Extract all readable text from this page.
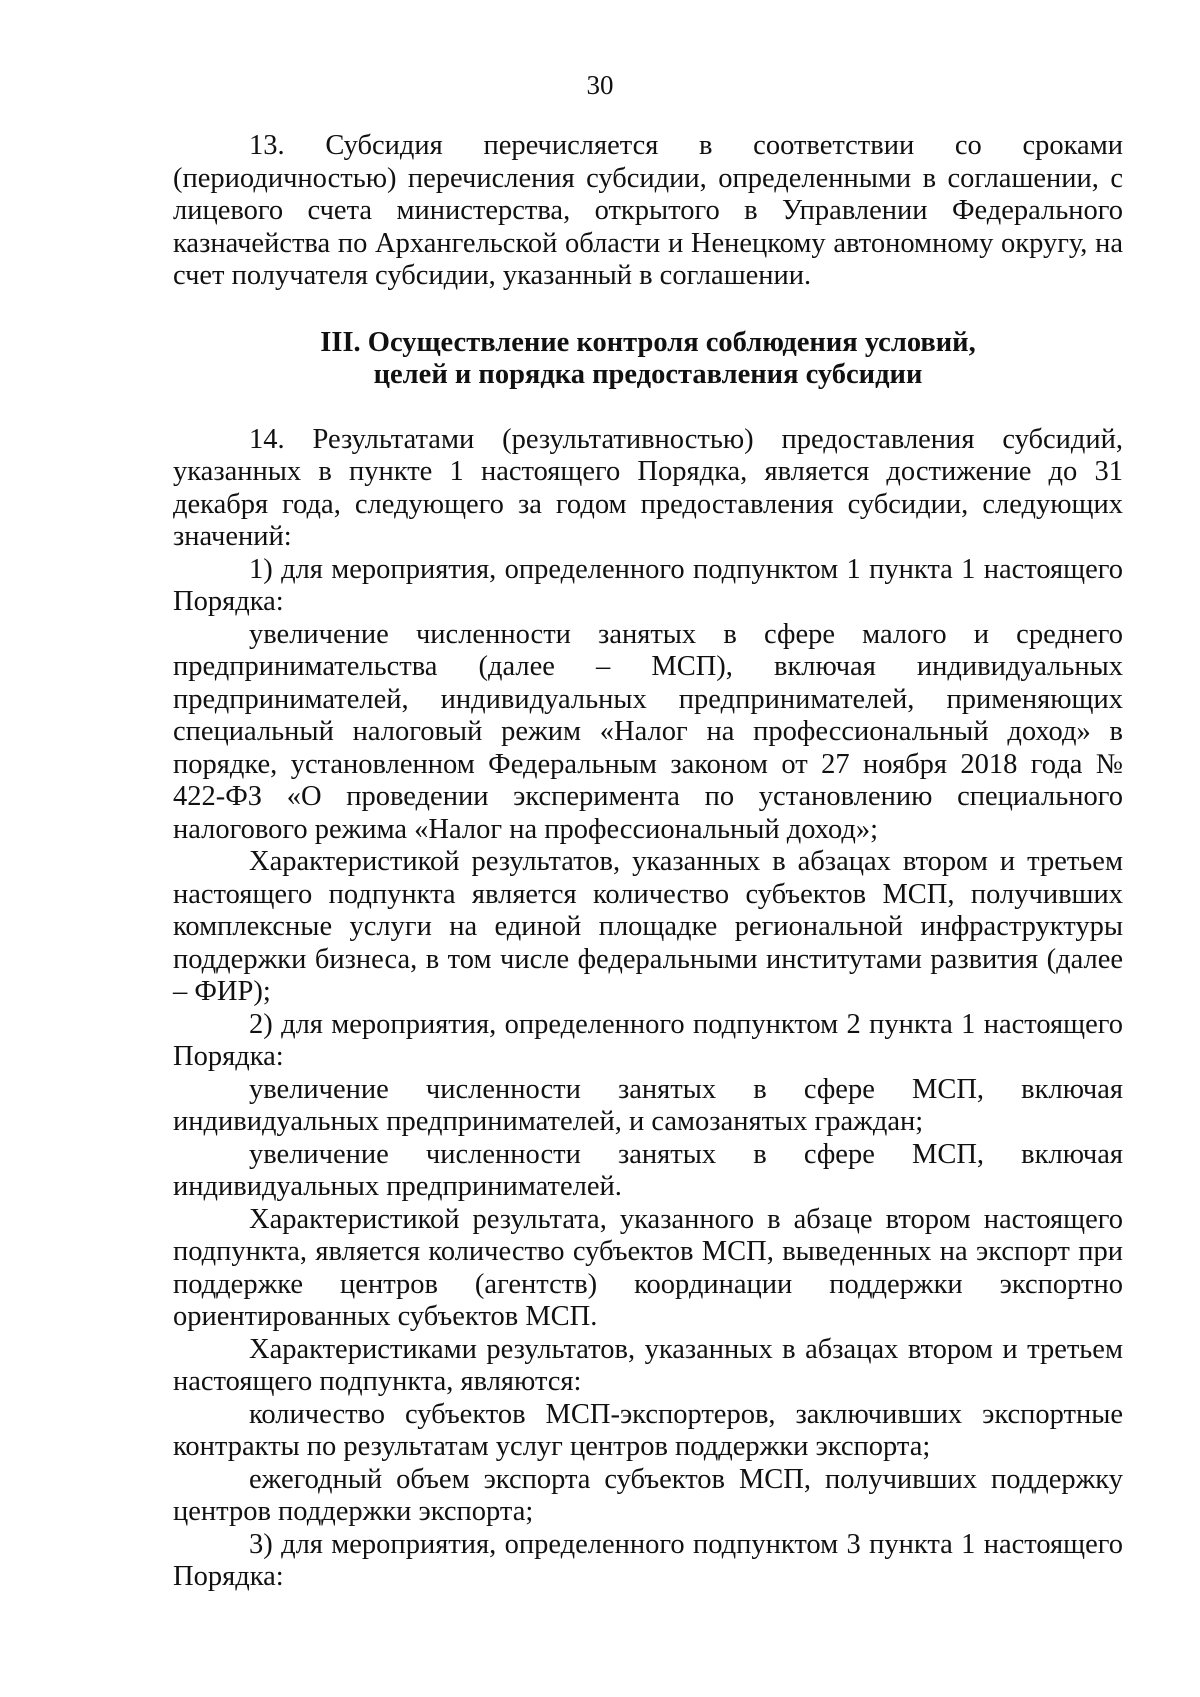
30

13. Субсидия перечисляется в соответствии со сроками (периодичностью) перечисления субсидии, определенными в соглашении, с лицевого счета министерства, открытого в Управлении Федерального казначейства по Архангельской области и Ненецкому автономному округу, на счет получателя субсидии, указанный в соглашении.

III. Осуществление контроля соблюдения условий,
целей и порядка предоставления субсидии

14. Результатами (результативностью) предоставления субсидий, указанных в пункте 1 настоящего Порядка, является достижение до 31 декабря года, следующего за годом предоставления субсидии, следующих значений:

1) для мероприятия, определенного подпунктом 1 пункта 1 настоящего Порядка:

увеличение численности занятых в сфере малого и среднего предпринимательства (далее – МСП), включая индивидуальных предпринимателей, индивидуальных предпринимателей, применяющих специальный налоговый режим «Налог на профессиональный доход» в порядке, установленном Федеральным законом от 27 ноября 2018 года № 422-ФЗ «О проведении эксперимента по установлению специального налогового режима «Налог на профессиональный доход»;

Характеристикой результатов, указанных в абзацах втором и третьем настоящего подпункта является количество субъектов МСП, получивших комплексные услуги на единой площадке региональной инфраструктуры поддержки бизнеса, в том числе федеральными институтами развития (далее – ФИР);

2) для мероприятия, определенного подпунктом 2 пункта 1 настоящего Порядка:

увеличение численности занятых в сфере МСП, включая индивидуальных предпринимателей, и самозанятых граждан;

увеличение численности занятых в сфере МСП, включая индивидуальных предпринимателей.

Характеристикой результата, указанного в абзаце втором настоящего подпункта, является количество субъектов МСП, выведенных на экспорт при поддержке центров (агентств) координации поддержки экспортно ориентированных субъектов МСП.

Характеристиками результатов, указанных в абзацах втором и третьем настоящего подпункта, являются:

количество субъектов МСП-экспортеров, заключивших экспортные контракты по результатам услуг центров поддержки экспорта;

ежегодный объем экспорта субъектов МСП, получивших поддержку центров поддержки экспорта;

3) для мероприятия, определенного подпунктом 3 пункта 1 настоящего Порядка:
